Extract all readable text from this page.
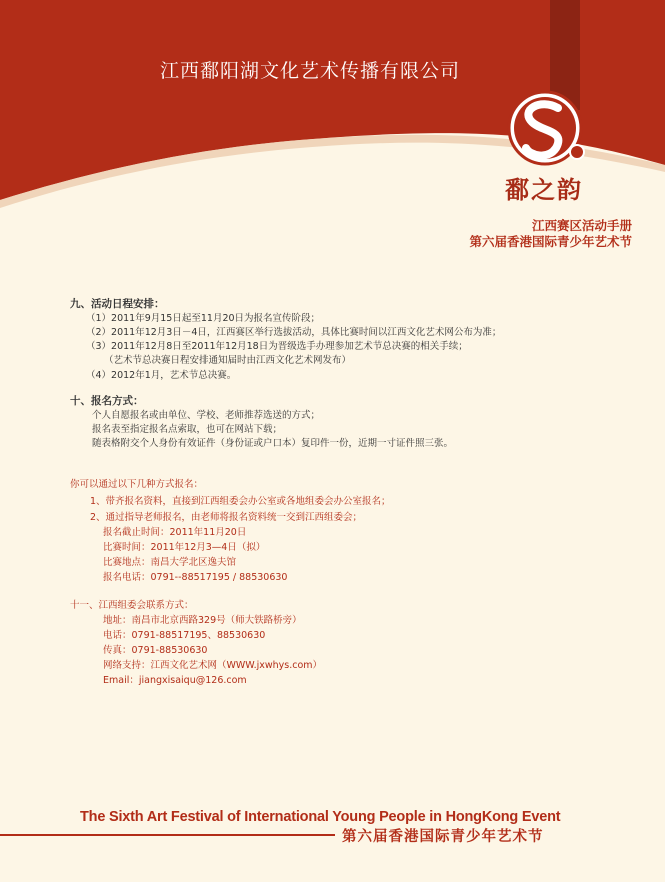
江西鄱阳湖文化艺术传播有限公司
鄱之韵
江西赛区活动手册
第六届香港国际青少年艺术节
九、活动日程安排：
（1）2011年9月15日起至11月20日为报名宣传阶段；
（2）2011年12月3日－4日，江西赛区举行选拔活动，具体比赛时间以江西文化艺术网公布为准；
（3）2011年12月8日至2011年12月18日为晋级选手办理参加艺术节总决赛的相关手续；
（艺术节总决赛日程安排通知届时由江西文化艺术网发布）
（4）2012年1月，艺术节总决赛。
十、报名方式：
个人自愿报名或由单位、学校、老师推荐选送的方式；
报名表至指定报名点索取，也可在网站下载；
随表格附交个人身份有效证件（身份证或户口本）复印件一份，近期一寸证件照三张。
你可以通过以下几种方式报名：
1、带齐报名资料，直接到江西组委会办公室或各地组委会办公室报名；
2、通过指导老师报名，由老师将报名资料统一交到江西组委会；
报名截止时间：2011年11月20日
比赛时间：2011年12月3—4日（拟）
比赛地点：南昌大学北区逸夫馆
报名电话：0791--88517195 / 88530630
十一、江西组委会联系方式：
地址：南昌市北京西路329号（师大铁路桥旁）
电话：0791-88517195、88530630
传真：0791-88530630
网络支持：江西文化艺术网（WWW.jxwhys.com）
Email：jiangxisaiqu@126.com
The Sixth Art Festival of International Young People in HongKong Event
第六届香港国际青少年艺术节
